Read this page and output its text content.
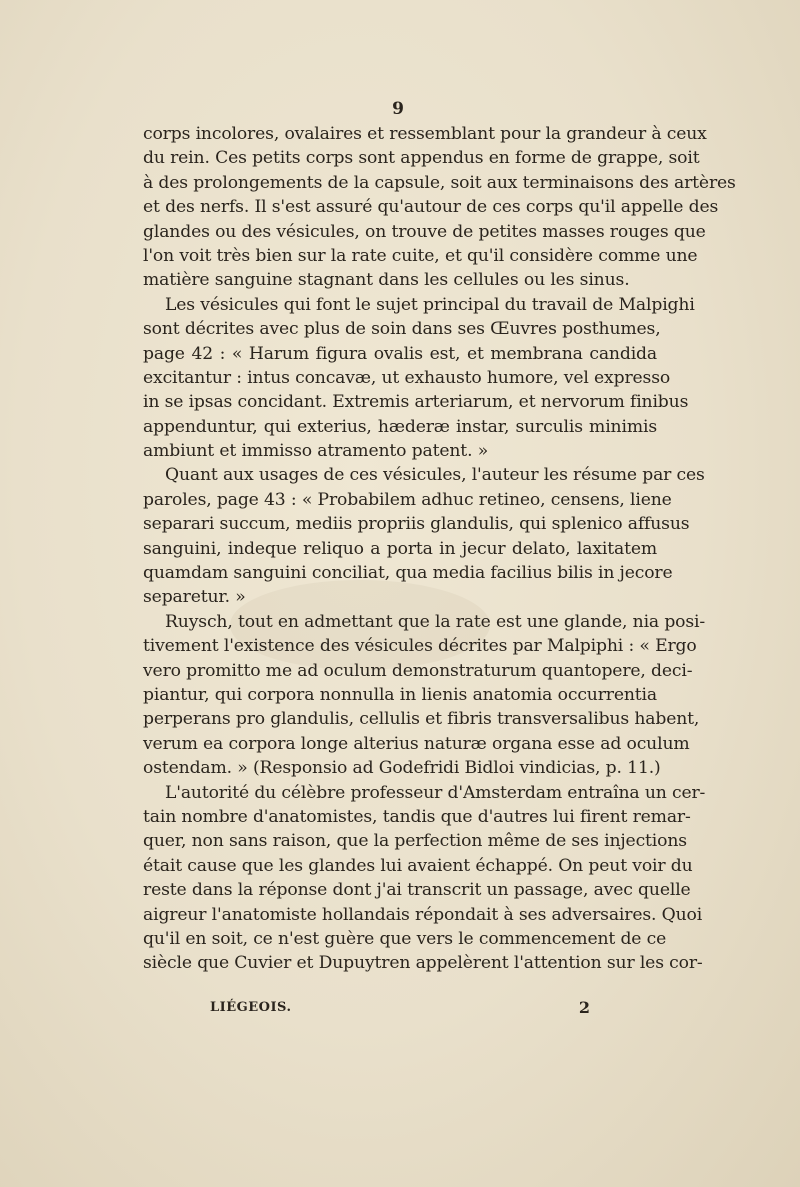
9
corps incolores, ovalaires et ressemblant pour la grandeur à ceux
du rein. Ces petits corps sont appendus en forme de grappe, soit
à des prolongements de la capsule, soit aux terminaisons des artères
et des nerfs. Il s'est assuré qu'autour de ces corps qu'il appelle des
glandes ou des vésicules, on trouve de petites masses rouges que
l'on voit très bien sur la rate cuite, et qu'il considère comme une
matière sanguine stagnant dans les cellules ou les sinus.
Les vésicules qui font le sujet principal du travail de Malpighi
sont décrites avec plus de soin dans ses Œuvres posthumes,
page 42 : « Harum figura ovalis est, et membrana candida
excitantur : intus concavæ, ut exhausto humore, vel expresso
in se ipsas concidant. Extremis arteriarum, et nervorum finibus
appenduntur, qui exterius, hæderæ instar, surculis minimis
ambiunt et immisso atramento patent. »
Quant aux usages de ces vésicules, l'auteur les résume par ces
paroles, page 43 : « Probabilem adhuc retineo, censens, liene
separari succum, mediis propriis glandulis, qui splenico affusus
sanguini, indeque reliquo a porta in jecur delato, laxitatem
quamdam sanguini conciliat, qua media facilius bilis in jecore
separetur. »
Ruysch, tout en admettant que la rate est une glande, nia posi-
tivement l'existence des vésicules décrites par Malpiphi : « Ergo
vero promitto me ad oculum demonstraturum quantopere, deci-
piantur, qui corpora nonnulla in lienis anatomia occurrentia
perperans pro glandulis, cellulis et fibris transversalibus habent,
verum ea corpora longe alterius naturæ organa esse ad oculum
ostendam. » (Responsio ad Godefridi Bidloi vindicias, p. 11.)
L'autorité du célèbre professeur d'Amsterdam entraîna un cer-
tain nombre d'anatomistes, tandis que d'autres lui firent remar-
quer, non sans raison, que la perfection même de ses injections
était cause que les glandes lui avaient échappé. On peut voir du
reste dans la réponse dont j'ai transcrit un passage, avec quelle
aigreur l'anatomiste hollandais répondait à ses adversaires. Quoi
qu'il en soit, ce n'est guère que vers le commencement de ce
siècle que Cuvier et Dupuytren appelèrent l'attention sur les cor-
LIÉGEOIS.	2
